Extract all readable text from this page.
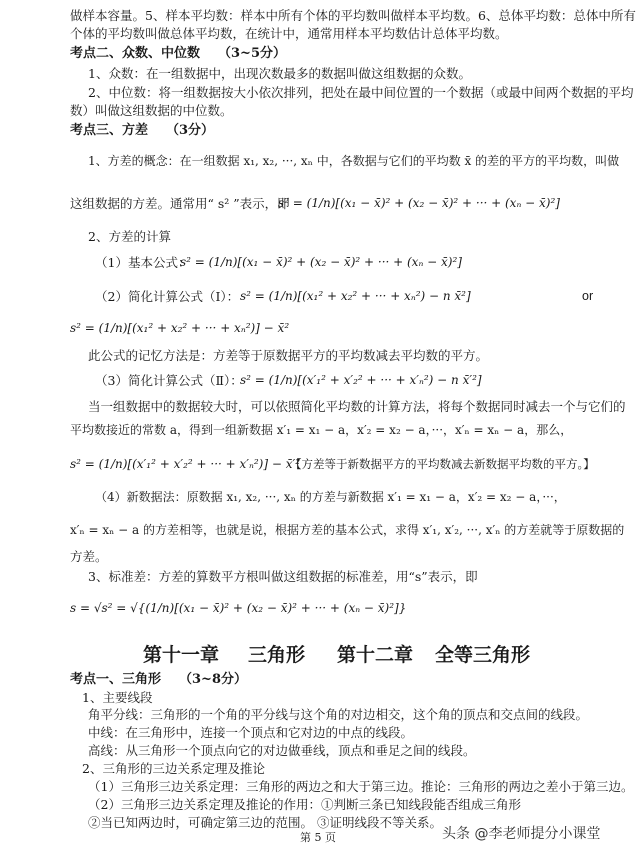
做样本容量。5、样本平均数：样本中所有个体的平均数叫做样本平均数。6、总体平均数：总体中所有
个体的平均数叫做总体平均数，在统计中，通常用样本平均数估计总体平均数。
考点二、众数、中位数 （3~5分）
1、众数：在一组数据中，出现次数最多的数据叫做这组数据的众数。
2、中位数：将一组数据按大小依次排列，把处在最中间位置的一个数据（或最中间两个数据的平均
数）叫做这组数据的中位数。
考点三、方差 （3分）
1、方差的概念：在一组数据 x₁, x₂, ···, xₙ 中，各数据与它们的平均数 x̄ 的差的平方的平均数，叫做
这组数据的方差。通常用“ s² ”表示，即
s² = (1/n)[(x₁ − x̄)² + (x₂ − x̄)² + ··· + (xₙ − x̄)²]
2、方差的计算
（1）基本公式：
s² = (1/n)[(x₁ − x̄)² + (x₂ − x̄)² + ··· + (xₙ − x̄)²]
（2）简化计算公式（Ⅰ）： s² = (1/n)[(x₁² + x₂² + ··· + xₙ²) − n x̄²]	or
s² = (1/n)[(x₁² + x₂² + ··· + xₙ²)] − x̄²
此公式的记忆方法是：方差等于原数据平方的平均数减去平均数的平方。
（3）简化计算公式（Ⅱ）：
s² = (1/n)[(x′₁² + x′₂² + ··· + x′ₙ²) − n x̄′²]
当一组数据中的数据较大时，可以依照简化平均数的计算方法，将每个数据同时减去一个与它们的
平均数接近的常数 a，得到一组新数据 x′₁ = x₁ − a，x′₂ = x₂ − a，···，x′ₙ = xₙ − a，那么，
s² = (1/n)[(x′₁² + x′₂² + ··· + x′ₙ²)] − x̄′²
【方差等于新数据平方的平均数减去新数据平均数的平方。】
（4）新数据法：原数据 x₁, x₂, ···, xₙ 的方差与新数据 x′₁ = x₁ − a，x′₂ = x₂ − a，···，
x′ₙ = xₙ − a 的方差相等，也就是说，根据方差的基本公式，求得 x′₁, x′₂, ···, x′ₙ 的方差就等于原数据的
方差。
3、标准差：方差的算数平方根叫做这组数据的标准差，用“s”表示，即
s = √s² = √{(1/n)[(x₁ − x̄)² + (x₂ − x̄)² + ··· + (xₙ − x̄)²]}
第十一章 三角形 第十二章 全等三角形
考点一、三角形 （3~8分）
1、主要线段
角平分线：三角形的一个角的平分线与这个角的对边相交，这个角的顶点和交点间的线段。
中线：在三角形中，连接一个顶点和它对边的中点的线段。
高线：从三角形一个顶点向它的对边做垂线，顶点和垂足之间的线段。
2、三角形的三边关系定理及推论
（1）三角形三边关系定理：三角形的两边之和大于第三边。推论：三角形的两边之差小于第三边。
（2）三角形三边关系定理及推论的作用：①判断三条已知线段能否组成三角形
②当已知两边时，可确定第三边的范围。 ③证明线段不等关系。
第 5 页	头条 @李老师提分小课堂
